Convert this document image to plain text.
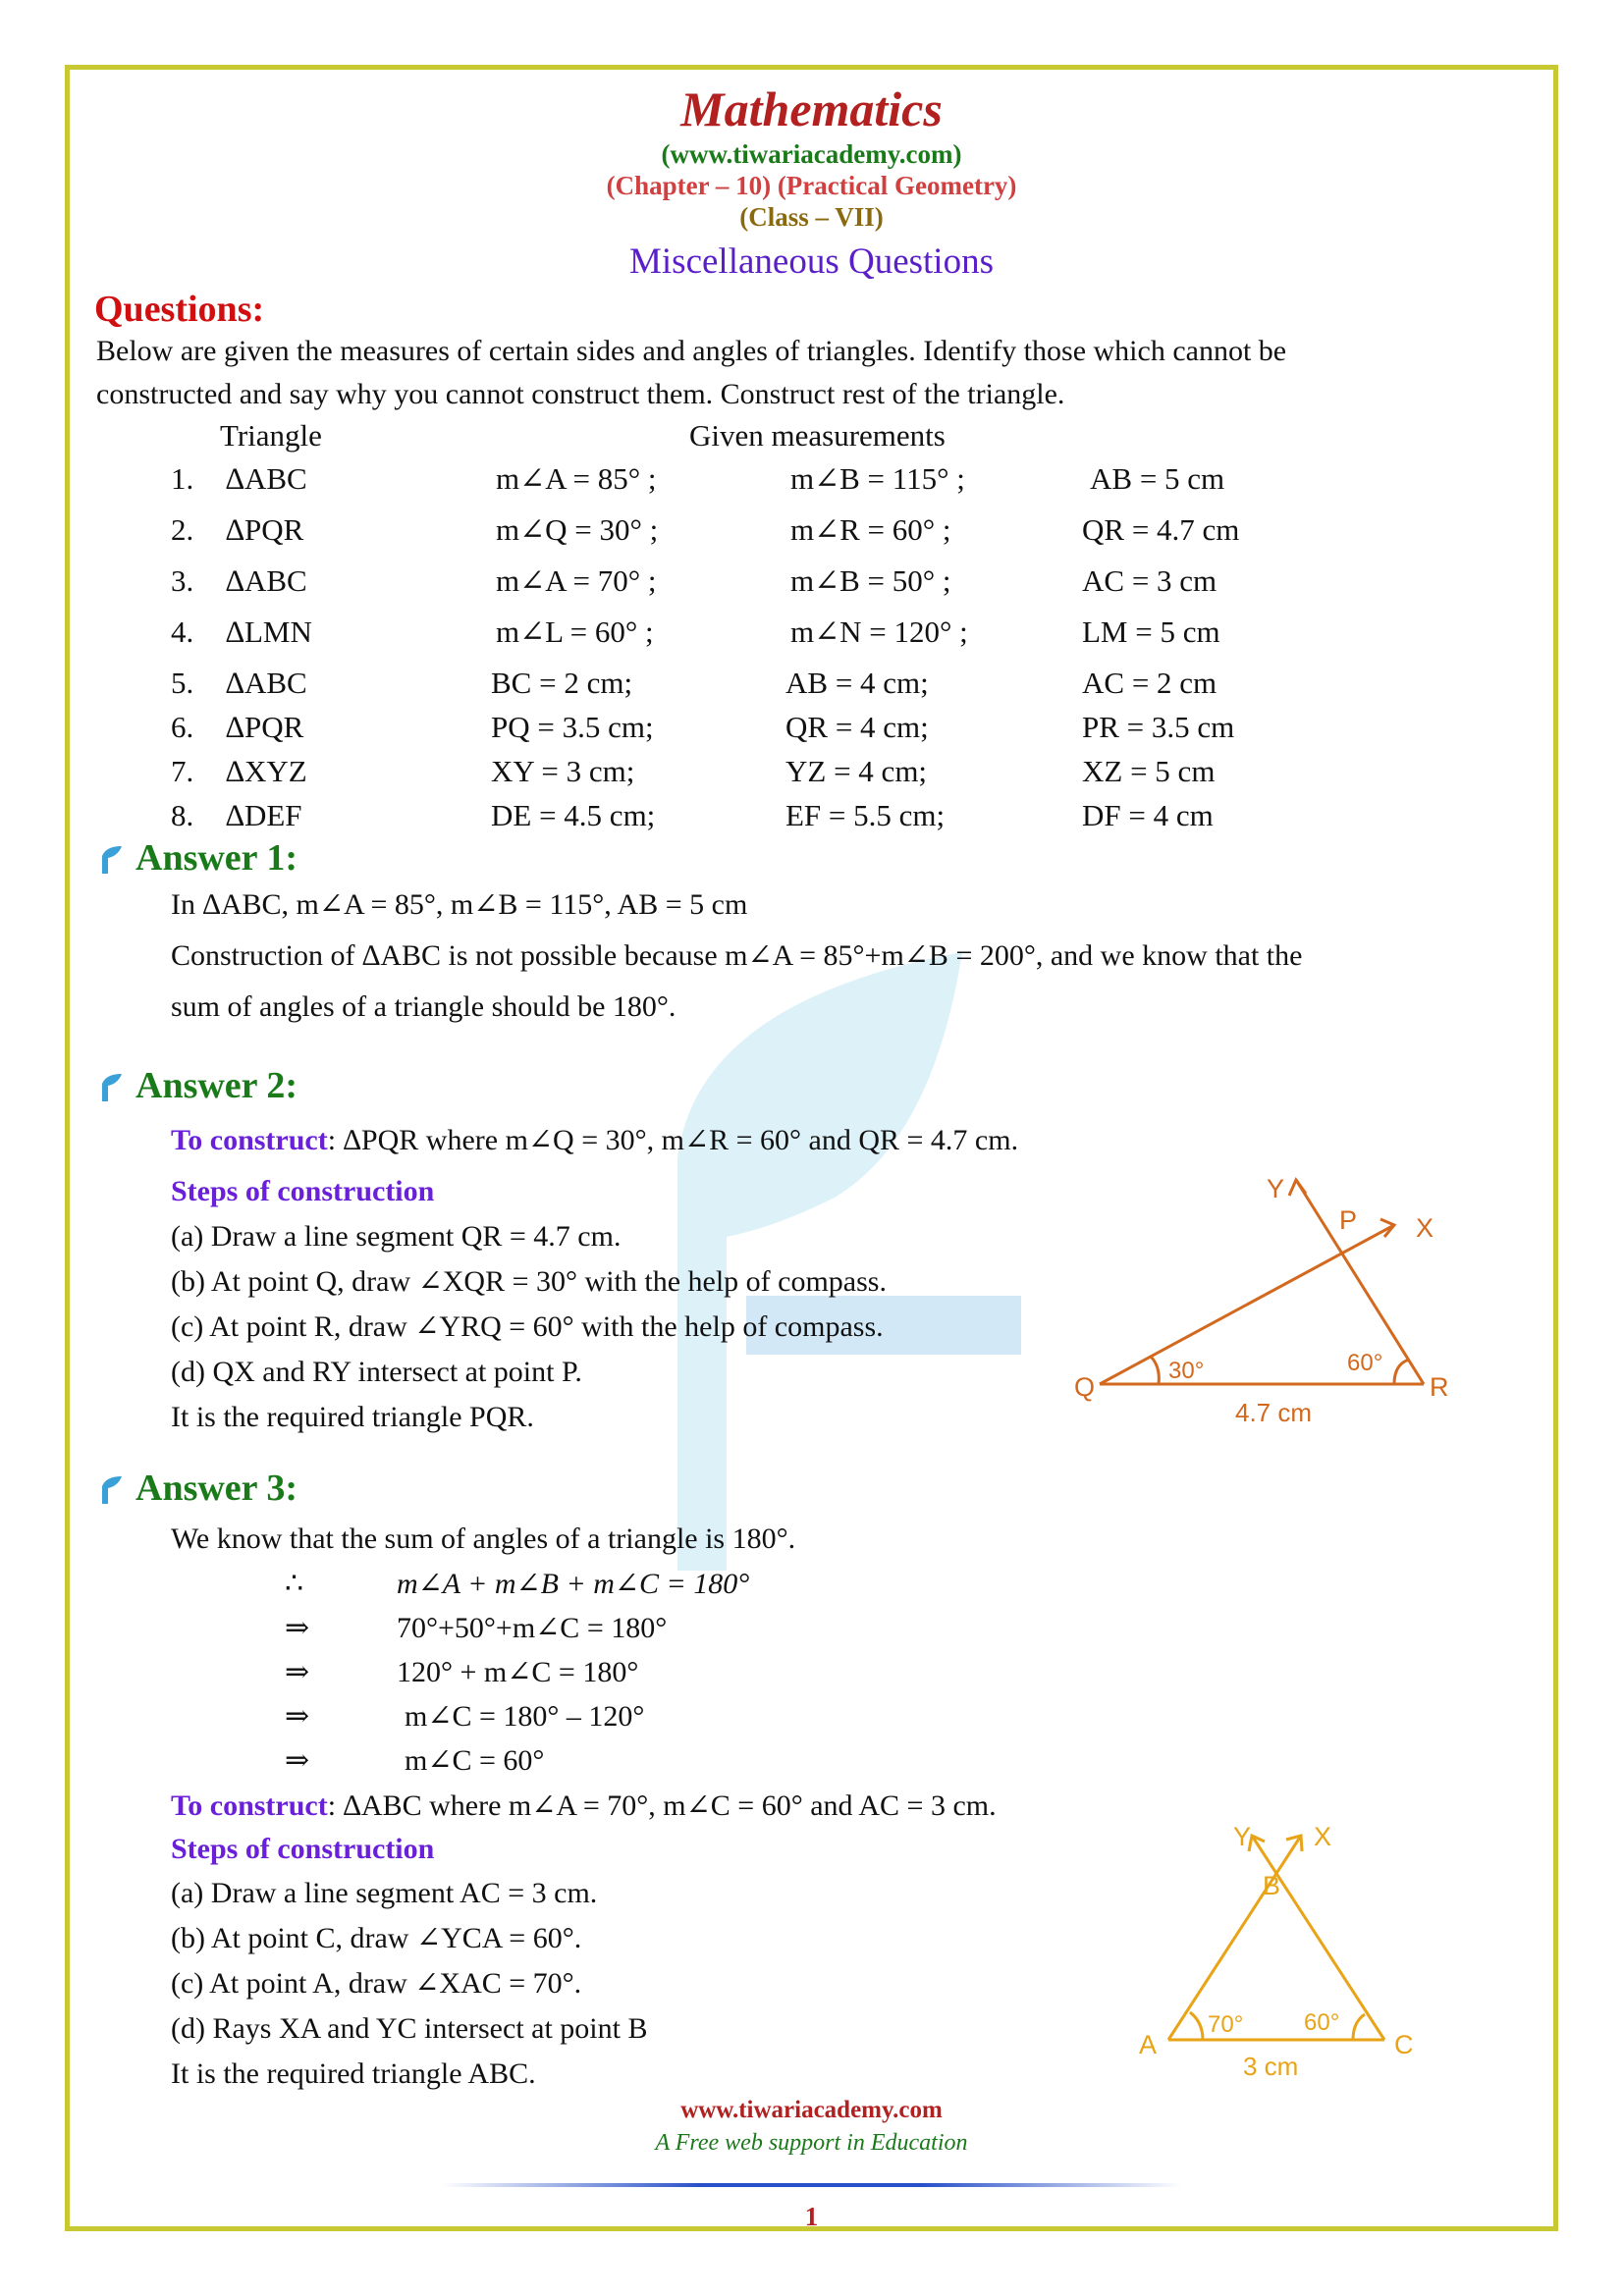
Mathematics
(www.tiwariacademy.com)
(Chapter – 10) (Practical Geometry)
(Class – VII)
Miscellaneous Questions
Questions:
Below are given the measures of certain sides and angles of triangles. Identify those which cannot be
constructed and say why you cannot construct them. Construct rest of the triangle.
Triangle	Given measurements
1. ∆ABC	m∠A = 85° ;	m∠B = 115° ;	AB = 5 cm
2. ∆PQR	m∠Q = 30° ;	m∠R = 60° ;	QR = 4.7 cm
3. ∆ABC	m∠A = 70° ;	m∠B = 50° ;	AC = 3 cm
4. ∆LMN	m∠L = 60° ;	m∠N = 120° ;	LM = 5 cm
5. ∆ABC	BC = 2 cm;	AB = 4 cm;	AC = 2 cm
6. ∆PQR	PQ = 3.5 cm;	QR = 4 cm;	PR = 3.5 cm
7. ∆XYZ	XY = 3 cm;	YZ = 4 cm;	XZ = 5 cm
8. ∆DEF	DE = 4.5 cm;	EF = 5.5 cm;	DF = 4 cm
Answer 1:
In ∆ABC, m∠A = 85°, m∠B = 115°, AB = 5 cm
Construction of ∆ABC is not possible because m∠A = 85°+m∠B = 200°, and we know that the
sum of angles of a triangle should be 180°.
Answer 2:
To construct: ∆PQR where m∠Q = 30°, m∠R = 60° and QR = 4.7 cm.
Steps of construction
(a) Draw a line segment QR = 4.7 cm.
(b) At point Q, draw ∠XQR = 30° with the help of compass.
(c) At point R, draw ∠YRQ = 60° with the help of compass.
(d) QX and RY intersect at point P.
It is the required triangle PQR.
Y
P X
Q	R
30°	60°
4.7 cm
Answer 3:
We know that the sum of angles of a triangle is 180°.
∴	m∠A + m∠B + m∠C = 180°
⇒	70°+50°+m∠C = 180°
⇒	120° + m∠C = 180°
⇒	m∠C = 180° – 120°
⇒	m∠C = 60°
To construct: ∆ABC where m∠A = 70°, m∠C = 60° and AC = 3 cm.
Steps of construction
(a) Draw a line segment AC = 3 cm.
(b) At point C, draw ∠YCA = 60°.
(c) At point A, draw ∠XAC = 70°.
(d) Rays XA and YC intersect at point B
It is the required triangle ABC.
Y X
B
A	C
70°	60°
3 cm
www.tiwariacademy.com
A Free web support in Education
1
